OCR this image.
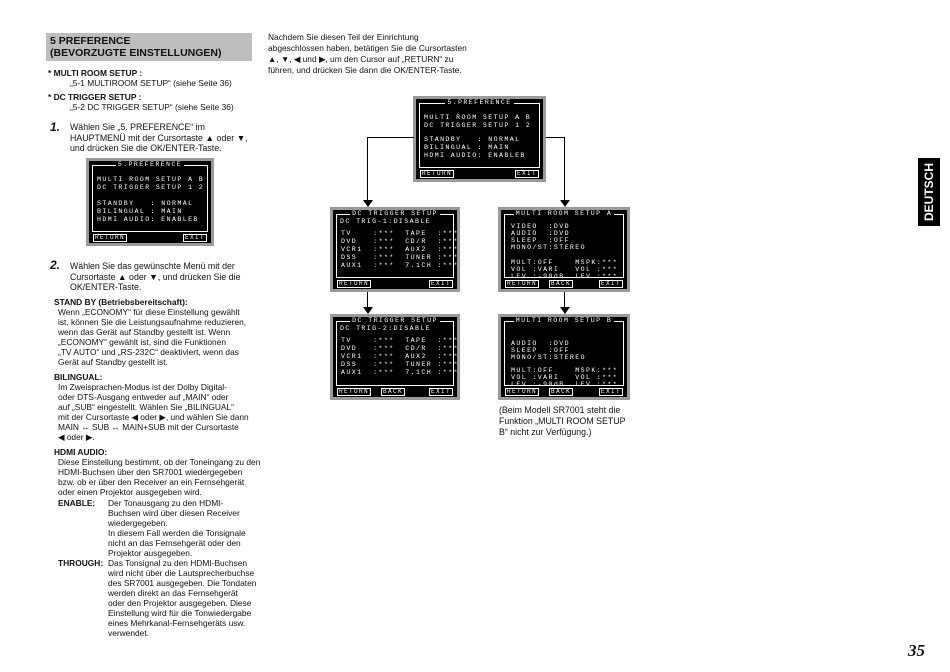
5 PREFERENCE
(BEVORZUGTE EINSTELLUNGEN)
* MULTI ROOM SETUP :
„5-1 MULTIROOM SETUP“ (siehe Seite 36)
* DC TRIGGER SETUP :
„5-2 DC TRIGGER SETUP“ (siehe Seite 36)
1. Wählen Sie „5. PREFERENCE“ im
HAUPTMENÜ mit der Cursortaste ▲ oder ▼,
und drücken Sie die OK/ENTER-Taste.
5.PREFERENCE
MULTI ROOM SETUP A B
DC TRIGGER SETUP 1 2
STANDBY   : NORMAL
BILINGUAL : MAIN
HDMI AUDIO: ENABLEB
RETURN	EXIT
2. Wählen Sie das gewünschte Menü mit der
Cursortaste ▲ oder ▼, und drücken Sie die
OK/ENTER-Taste.
STAND BY (Betriebsbereitschaft):
Wenn „ECONOMY“ für diese Einstellung gewählt
ist, können Sie die Leistungsaufnahme reduzieren,
wenn das Gerät auf Standby gestellt ist. Wenn
„ECONOMY“ gewählt ist, sind die Funktionen
„TV AUTO“ und „RS-232C“ deaktiviert, wenn das
Gerät auf Standby gestellt ist.
BILINGUAL:
Im Zweisprachen-Modus ist der Dolby Digital-
oder DTS-Ausgang entweder auf „MAIN“ oder
auf „SUB“ eingestellt. Wählen Sie „BILINGUAL“
mit der Cursortaste ◀ oder ▶, und wählen Sie dann
MAIN ↔ SUB ↔ MAIN+SUB mit der Cursortaste
◀ oder ▶.
HDMI AUDIO:
Diese Einstellung bestimmt, ob der Toneingang zu den
HDMI-Buchsen über den SR7001 wiedergegeben
bzw. ob er über den Receiver an ein Fernsehgerät
oder einen Projektor ausgegeben wird.
ENABLE: Der Tonausgang zu den HDMI-
Buchsen wird über diesen Receiver
wiedergegeben.
In diesem Fall werden die Tonsignale
nicht an das Fernsehgerät oder den
Projektor ausgegeben.
THROUGH: Das Tonsignal zu den HDMI-Buchsen
wird nicht über die Lautsprecherbuchse
des SR7001 ausgegeben. Die Tondaten
werden direkt an das Fernsehgerät
oder den Projektor ausgegeben. Diese
Einstellung wird für die Tonwiedergabe
eines Mehrkanal-Fernsehgeräts usw.
verwendet.
Nachdem Sie diesen Teil der Einrichtung
abgeschlossen haben, betätigen Sie die Cursortasten
▲, ▼, ◀ und ▶, um den Cursor auf „RETURN“ zu
führen, und drücken Sie dann die OK/ENTER-Taste.
5.PREFERENCE
MULTI ROOM SETUP A B
DC TRIGGER SETUP 1 2
STANDBY   : NORMAL
BILINGUAL : MAIN
HDMI AUDIO: ENABLEB
RETURN	EXIT
DC TRIGGER SETUP
DC TRIG-1:DISABLE
TV    :***  TAPE  :***
DVD   :***  CD/R  :***
VCR1  :***  AUX2  :***
DSS   :***  TUNER :***
AUX1  :***  7.1CH :***
RETURN	EXIT
MULTI ROOM SETUP A
VIDEO  :DVD
AUDIO  :DVD
SLEEP  :OFF
MONO/ST:STEREO
MULT:OFF    MSPK:***
VOL :VARI   VOL :***
LEV :-90dB  LEV :***
RETURN	BACK	EXIT
DC TRIGGER SETUP
DC TRIG-2:DISABLE
TV    :***  TAPE  :***
DVD   :***  CD/R  :***
VCR1  :***  AUX2  :***
DSS   :***  TUNER :***
AUX1  :***  7.1CH :***
RETURN	BACK	EXIT
MULTI ROOM SETUP B
AUDIO  :DVD
SLEEP  :OFF
MONO/ST:STEREO
MULT:OFF    MSPK:***
VOL :VARI   VOL :***
LEV :-90dB  LEV :***
RETURN	BACK	EXIT
(Beim Modell SR7001 steht die
Funktion „MULTI ROOM SETUP
B“ nicht zur Verfügung.)
DEUTSCH
35
